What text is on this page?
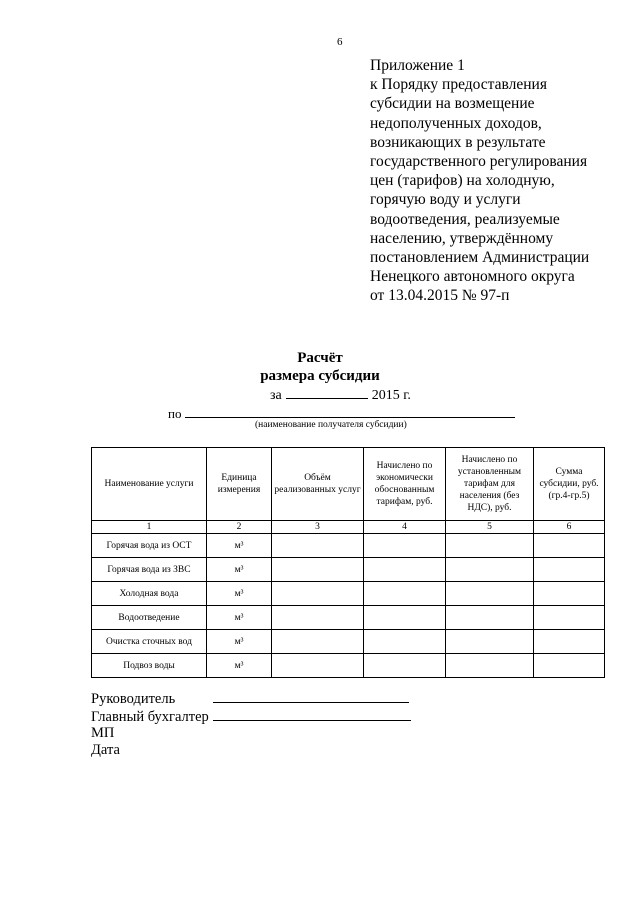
6
Приложение 1
к Порядку предоставления
субсидии на возмещение
недополученных доходов,
возникающих в результате
государственного регулирования
цен (тарифов) на холодную,
горячую воду и услуги
водоотведения, реализуемые
населению, утверждённому
постановлением Администрации
Ненецкого автономного округа
от 13.04.2015 № 97-п
Расчёт
размера субсидии
за	2015 г.
по
(наименование получателя субсидии)
Наименование услуги	Единица измерения	Объём реализованных услуг	Начислено по экономически обоснованным тарифам, руб.	Начислено по установленным тарифам для населения (без НДС), руб.	Сумма субсидии, руб. (гр.4-гр.5)
1	2	3	4	5	6
Горячая вода из ОСТ	м³				
Горячая вода из ЗВС	м³				
Холодная вода	м³				
Водоотведение	м³				
Очистка сточных вод	м³				
Подвоз воды	м³				
Руководитель
Главный бухгалтер
МП
Дата
